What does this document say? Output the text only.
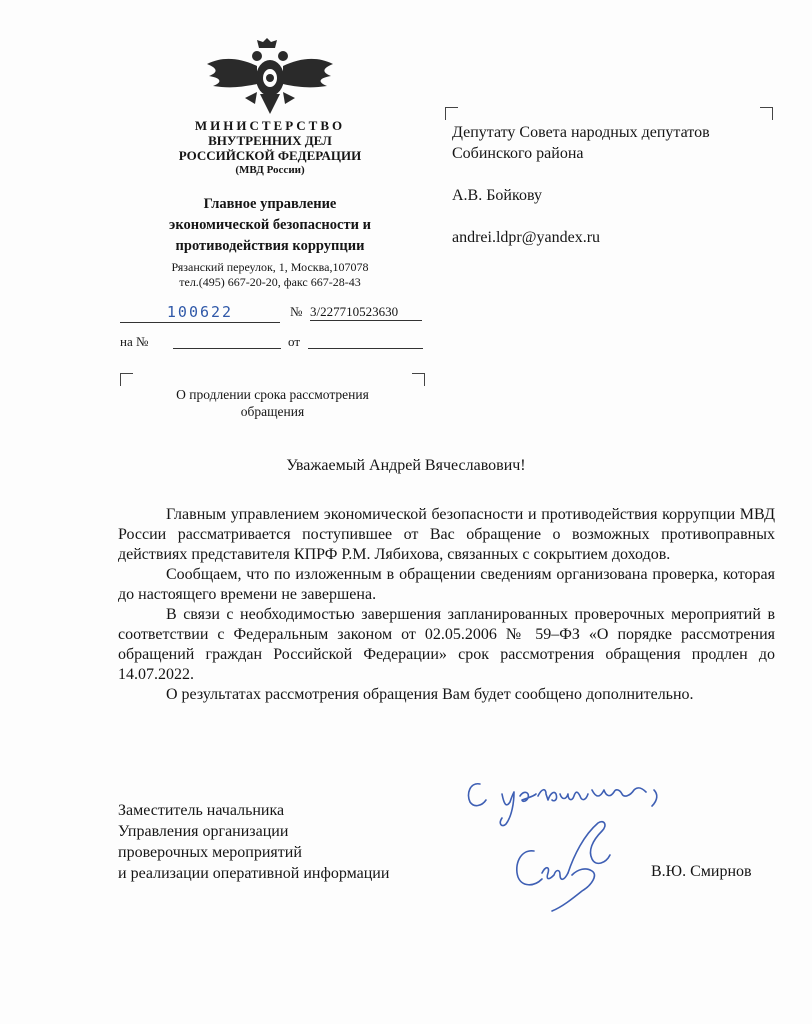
МИНИСТЕРСТВО
ВНУТРЕННИХ ДЕЛ
РОССИЙСКОЙ ФЕДЕРАЦИИ
(МВД России)
Главное управление
экономической безопасности и
противодействия коррупции
Рязанский переулок, 1, Москва,107078
тел.(495) 667-20-20, факс 667-28-43
100622	№ 3/227710523630
на №	от
О продлении срока рассмотрения обращения
Депутату Совета народных депутатов
Собинского района
А.В. Бойкову
andrei.ldpr@yandex.ru
Уважаемый Андрей Вячеславович!

Главным управлением экономической безопасности и противодействия коррупции МВД России рассматривается поступившее от Вас обращение о возможных противоправных действиях представителя КПРФ Р.М. Лябихова, связанных с сокрытием доходов.

Сообщаем, что по изложенным в обращении сведениям организована проверка, которая до настоящего времени не завершена.

В связи с необходимостью завершения запланированных проверочных мероприятий в соответствии с Федеральным законом от 02.05.2006 № 59–ФЗ «О порядке рассмотрения обращений граждан Российской Федерации» срок рассмотрения обращения продлен до 14.07.2022.

О результатах рассмотрения обращения Вам будет сообщено дополнительно.

Заместитель начальника
Управления организации
проверочных мероприятий
и реализации оперативной информации	В.Ю. Смирнов
